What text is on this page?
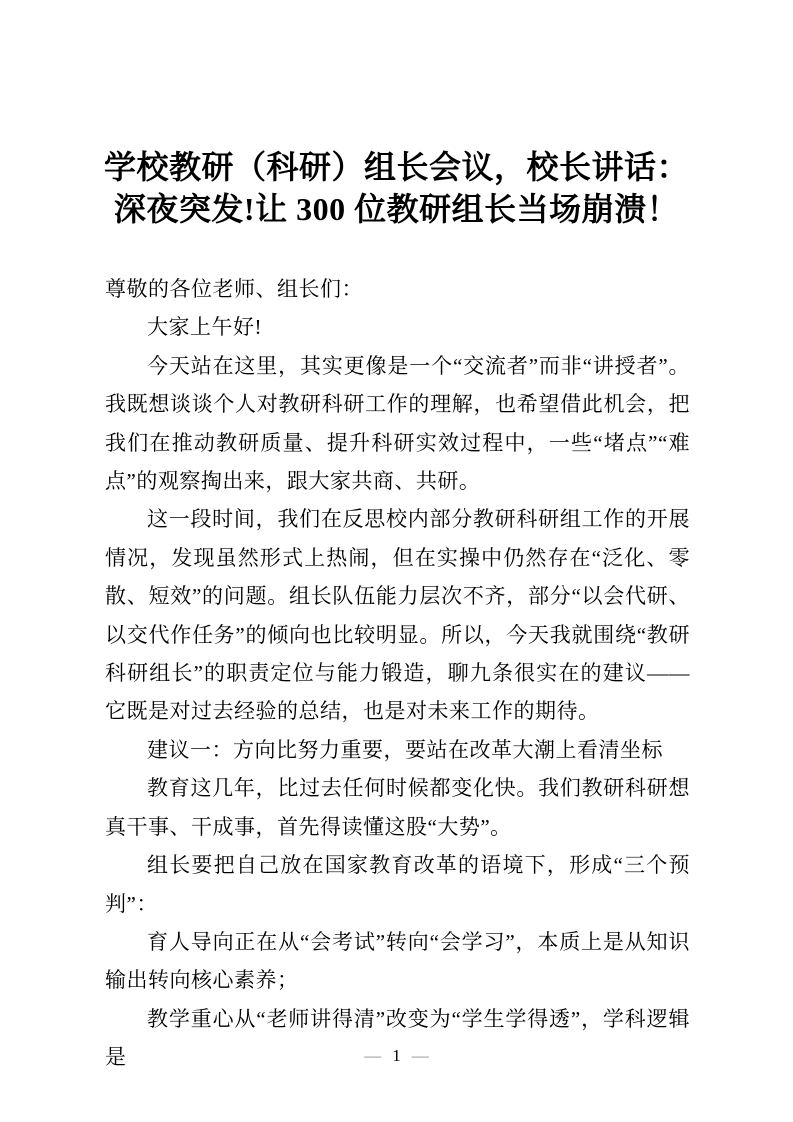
学校教研（科研）组长会议，校长讲话：
深夜突发!让 300 位教研组长当场崩溃！

尊敬的各位老师、组长们：

大家上午好!

今天站在这里，其实更像是一个“交流者”而非“讲授者”。我既想谈谈个人对教研科研工作的理解，也希望借此机会，把我们在推动教研质量、提升科研实效过程中，一些“堵点”“难点”的观察掏出来，跟大家共商、共研。

这一段时间，我们在反思校内部分教研科研组工作的开展情况，发现虽然形式上热闹，但在实操中仍然存在“泛化、零散、短效”的问题。组长队伍能力层次不齐，部分“以会代研、以交代作任务”的倾向也比较明显。所以，今天我就围绕“教研科研组长”的职责定位与能力锻造，聊九条很实在的建议——它既是对过去经验的总结，也是对未来工作的期待。

建议一：方向比努力重要，要站在改革大潮上看清坐标

教育这几年，比过去任何时候都变化快。我们教研科研想真干事、干成事，首先得读懂这股“大势”。

组长要把自己放在国家教育改革的语境下，形成“三个预判”：

育人导向正在从“会考试”转向“会学习”，本质上是从知识输出转向核心素养；

教学重心从“老师讲得清”改变为“学生学得透”，学科逻辑是	— 1 —
